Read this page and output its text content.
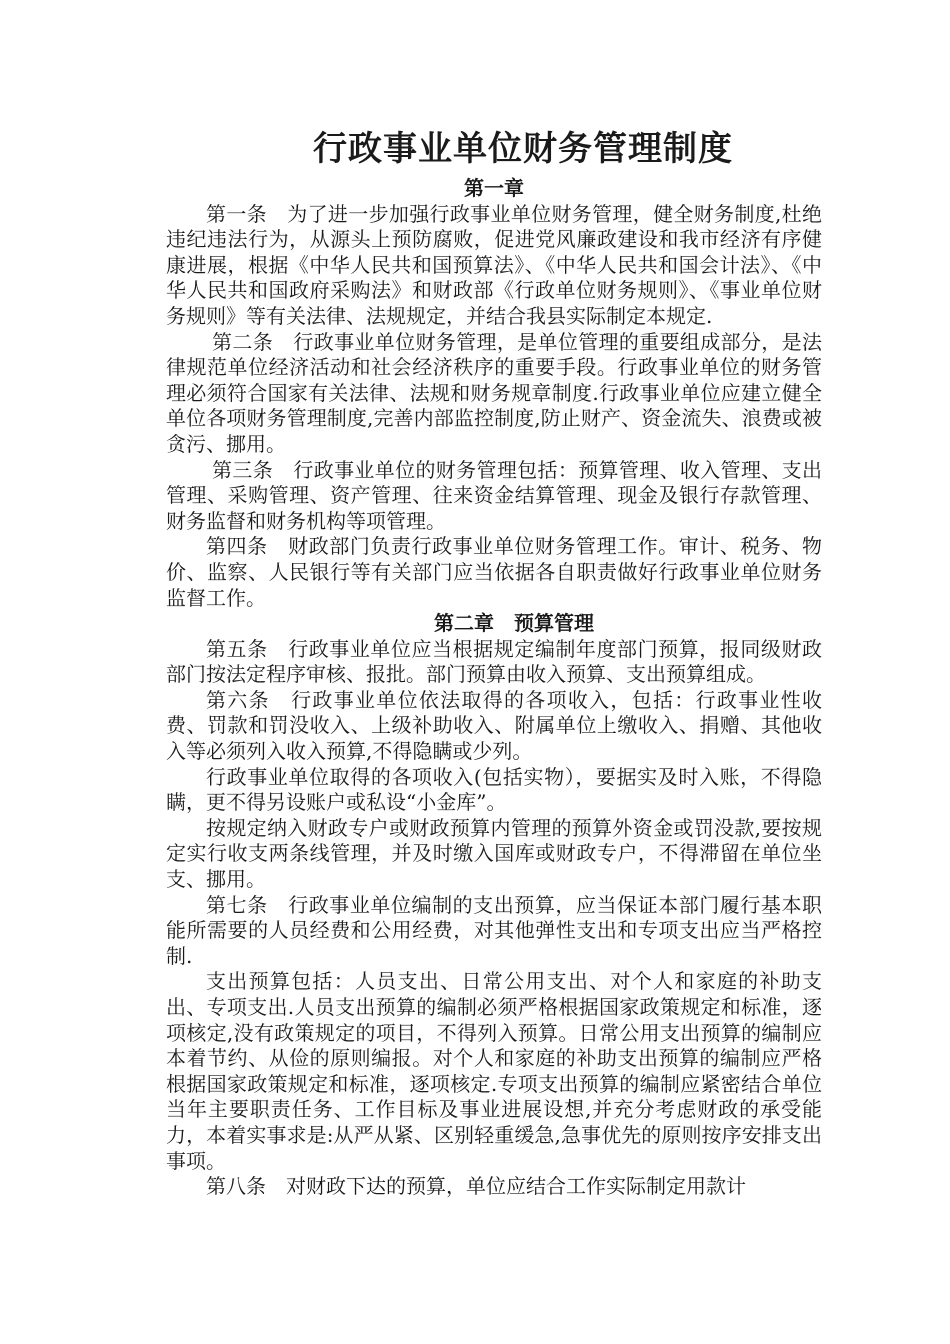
行政事业单位财务管理制度

第一章

第一条　为了进一步加强行政事业单位财务管理，健全财务制度,杜绝违纪违法行为，从源头上预防腐败，促进党风廉政建设和我市经济有序健康进展，根据《中华人民共和国预算法》、《中华人民共和国会计法》、《中华人民共和国政府采购法》和财政部《行政单位财务规则》、《事业单位财务规则》等有关法律、法规规定，并结合我县实际制定本规定.

第二条　行政事业单位财务管理，是单位管理的重要组成部分，是法律规范单位经济活动和社会经济秩序的重要手段。行政事业单位的财务管理必须符合国家有关法律、法规和财务规章制度.行政事业单位应建立健全单位各项财务管理制度,完善内部监控制度,防止财产、资金流失、浪费或被贪污、挪用。

第三条　行政事业单位的财务管理包括：预算管理、收入管理、支出管理、采购管理、资产管理、往来资金结算管理、现金及银行存款管理、财务监督和财务机构等项管理。

第四条　财政部门负责行政事业单位财务管理工作。审计、税务、物价、监察、人民银行等有关部门应当依据各自职责做好行政事业单位财务监督工作。

第二章　预算管理

第五条　行政事业单位应当根据规定编制年度部门预算，报同级财政部门按法定程序审核、报批。部门预算由收入预算、支出预算组成。

第六条　行政事业单位依法取得的各项收入，包括：行政事业性收费、罚款和罚没收入、上级补助收入、附属单位上缴收入、捐赠、其他收入等必须列入收入预算,不得隐瞒或少列。

行政事业单位取得的各项收入(包括实物），要据实及时入账，不得隐瞒，更不得另设账户或私设“小金库”。

按规定纳入财政专户或财政预算内管理的预算外资金或罚没款,要按规定实行收支两条线管理，并及时缴入国库或财政专户，不得滞留在单位坐支、挪用。

第七条　行政事业单位编制的支出预算，应当保证本部门履行基本职能所需要的人员经费和公用经费，对其他弹性支出和专项支出应当严格控制.

支出预算包括：人员支出、日常公用支出、对个人和家庭的补助支出、专项支出.人员支出预算的编制必须严格根据国家政策规定和标准，逐项核定,没有政策规定的项目，不得列入预算。日常公用支出预算的编制应本着节约、从俭的原则编报。对个人和家庭的补助支出预算的编制应严格根据国家政策规定和标准，逐项核定.专项支出预算的编制应紧密结合单位当年主要职责任务、工作目标及事业进展设想,并充分考虑财政的承受能力，本着实事求是:从严从紧、区别轻重缓急,急事优先的原则按序安排支出事项。

第八条　对财政下达的预算，单位应结合工作实际制定用款计
